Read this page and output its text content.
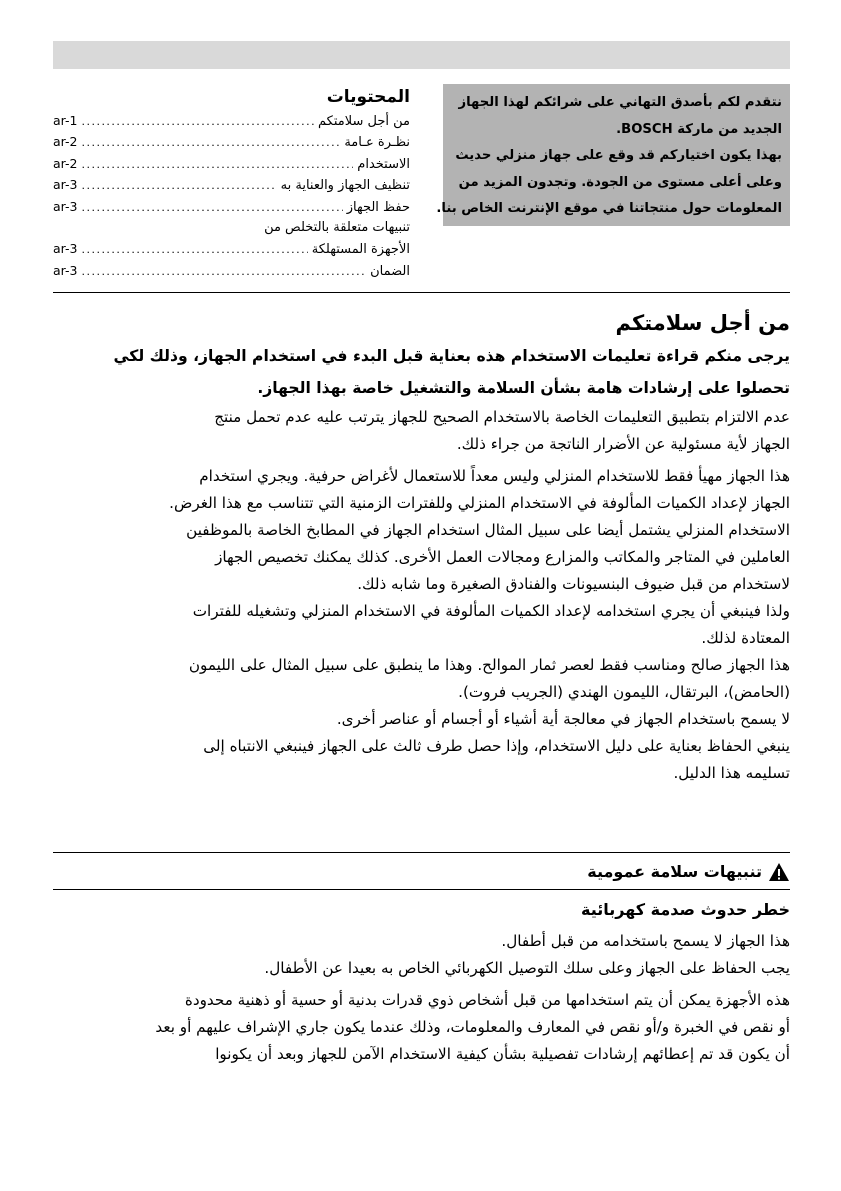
نتقدم لكم بأصدق التهاني على شرائكم لهذا الجهاز

الجديد من ماركة BOSCH.

بهذا يكون اختياركم قد وقع على جهاز منزلي حديث

وعلى أعلى مستوى من الجودة. وتجدون المزيد من

المعلومات حول منتجاتنا في موقع الإنترنت الخاص بنا.

المحتويات
من أجل سلامتكم
. . .
ar-1
نظـرة عـامة
. . .
ar-2
الاستخدام
. . .
ar-2
تنظيف الجهاز والعناية به
. . .
ar-3
حفظ الجهاز
. . .
ar-3
تنبيهات متعلقة بالتخلص من
الأجهزة المستهلكة
. . .
ar-3
الضمان
. . .
ar-3
من أجل سلامتكم
يرجى منكم قراءة تعليمات الاستخدام هذه بعناية قبل البدء في استخدام الجهاز، وذلك لكي
تحصلوا على إرشادات هامة بشأن السلامة والتشغيل خاصة بهذا الجهاز.
عدم الالتزام بتطبيق التعليمات الخاصة بالاستخدام الصحيح للجهاز يترتب عليه عدم تحمل منتج
الجهاز لأية مسئولية عن الأضرار الناتجة من جراء ذلك.
هذا الجهاز مهيأ فقط للاستخدام المنزلي وليس معداً للاستعمال لأغراض حرفية. ويجري استخدام
الجهاز لإعداد الكميات المألوفة في الاستخدام المنزلي وللفترات الزمنية التي تتناسب مع هذا الغرض.
الاستخدام المنزلي يشتمل أيضا على سبيل المثال استخدام الجهاز في المطابخ الخاصة بالموظفين
العاملين في المتاجر والمكاتب والمزارع ومجالات العمل الأخرى. كذلك يمكنك تخصيص الجهاز
لاستخدام من قبل ضيوف البنسيونات والفنادق الصغيرة وما شابه ذلك.
ولذا فينبغي أن يجري استخدامه لإعداد الكميات المألوفة في الاستخدام المنزلي وتشغيله للفترات
المعتادة لذلك.
هذا الجهاز صالح ومناسب فقط لعصر ثمار الموالح. وهذا ما ينطبق على سبيل المثال على الليمون
(الحامض)، البرتقال، الليمون الهندي (الجريب فروت).
لا يسمح باستخدام الجهاز في معالجة أية أشياء أو أجسام أو عناصر أخرى.
ينبغي الحفاظ بعناية على دليل الاستخدام، وإذا حصل طرف ثالث على الجهاز فينبغي الانتباه إلى
تسليمه هذا الدليل.
تنبيهات سلامة عمومية
خطر حدوث صدمة كهربائية
هذا الجهاز لا يسمح باستخدامه من قبل أطفال.
يجب الحفاظ على الجهاز وعلى سلك التوصيل الكهربائي الخاص به بعيدا عن الأطفال.
هذه الأجهزة يمكن أن يتم استخدامها من قبل أشخاص ذوي قدرات بدنية أو حسية أو ذهنية محدودة
أو نقص في الخبرة و/أو نقص في المعارف والمعلومات، وذلك عندما يكون جاري الإشراف عليهم أو بعد
أن يكون قد تم إعطائهم إرشادات تفصيلية بشأن كيفية الاستخدام الآمن للجهاز وبعد أن يكونوا
